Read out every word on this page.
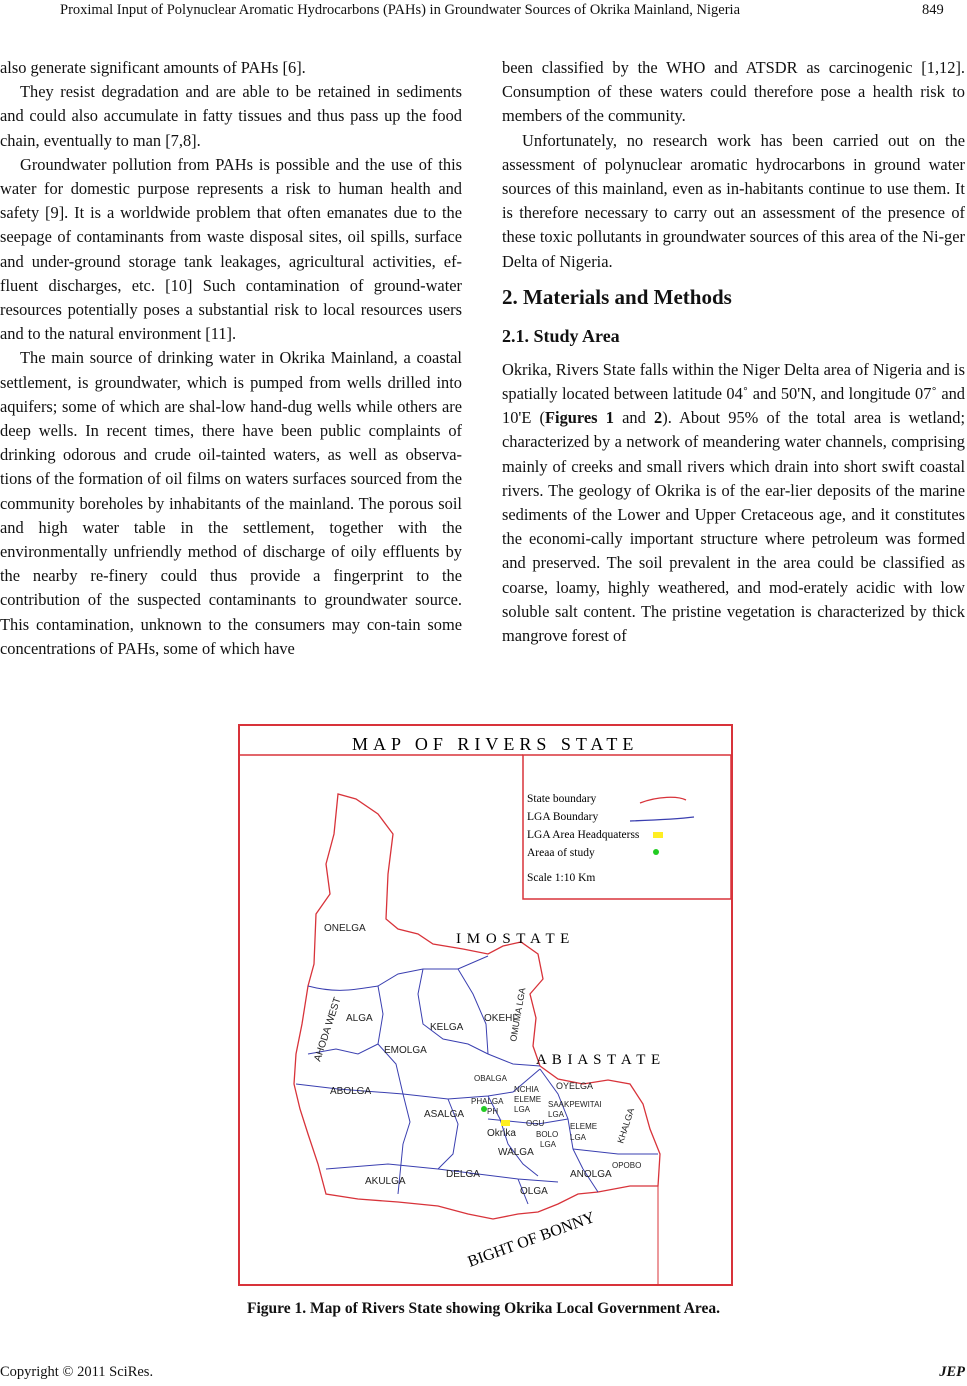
Proximal Input of Polynuclear Aromatic Hydrocarbons (PAHs) in Groundwater Sources of Okrika Mainland, Nigeria	849

also generate significant amounts of PAHs [6].

They resist degradation and are able to be retained in sediments and could also accumulate in fatty tissues and thus pass up the food chain, eventually to man [7,8].

Groundwater pollution from PAHs is possible and the use of this water for domestic purpose represents a risk to human health and safety [9]. It is a worldwide problem that often emanates due to the seepage of contaminants from waste disposal sites, oil spills, surface and under-ground storage tank leakages, agricultural activities, ef-fluent discharges, etc. [10] Such contamination of ground-water resources potentially poses a substantial risk to local resources users and to the natural environment [11].

The main source of drinking water in Okrika Mainland, a coastal settlement, is groundwater, which is pumped from wells drilled into aquifers; some of which are shal-low hand-dug wells while others are deep wells. In recent times, there have been public complaints of drinking odorous and crude oil-tainted waters, as well as observa-tions of the formation of oil films on waters surfaces sourced from the community boreholes by inhabitants of the mainland. The porous soil and high water table in the settlement, together with the environmentally unfriendly method of discharge of oily effluents by the nearby re-finery could thus provide a fingerprint to the contribution of the suspected contaminants to groundwater source. This contamination, unknown to the consumers may con-tain some concentrations of PAHs, some of which have

been classified by the WHO and ATSDR as carcinogenic [1,12]. Consumption of these waters could therefore pose a health risk to members of the community.

Unfortunately, no research work has been carried out on the assessment of polynuclear aromatic hydrocarbons in ground water sources of this mainland, even as in-habitants continue to use them. It is therefore necessary to carry out an assessment of the presence of these toxic pollutants in groundwater sources of this area of the Ni-ger Delta of Nigeria.

2. Materials and Methods
2.1. Study Area

Okrika, Rivers State falls within the Niger Delta area of Nigeria and is spatially located between latitude 04˚ and 50'N, and longitude 07˚ and 10'E (Figures 1 and 2). About 95% of the total area is wetland; characterized by a network of meandering water channels, comprising mainly of creeks and small rivers which drain into short swift coastal rivers. The geology of Okrika is of the ear-lier deposits of the marine sediments of the Lower and Upper Cretaceous age, and it constitutes the economi-cally important structure where petroleum was formed and preserved. The soil prevalent in the area could be classified as coarse, loamy, highly weathered, and mod-erately acidic with low soluble salt content. The pristine vegetation is characterized by thick mangrove forest of

MAP OF RIVERS STATE
State boundary
LGA Boundary
LGA Area Headquaterss
Areaa of study
Scale 1:10 Km
I M O S T A T E
A B I A S T A T E
BIGHT OF BONNY
ONELGA
AHODA WEST ALGA
KELGA
OKEHI
OMUMA LGA
EMOLGA
ABOLGA
OBALGA
NCHIA
ELEME
LGA
OYELGA
PHALGA
PH
SAAKPEWITAI
LGA
ASALGA
OGU
BOLO
LGA
ELEME
LGA	KHALGA
Okrika
WALGA
OPOBO
AKULGA
DELGA
OLGA
ANOLGA
Figure 1. Map of Rivers State showing Okrika Local Government Area.
Copyright © 2011 SciRes.	JEP
